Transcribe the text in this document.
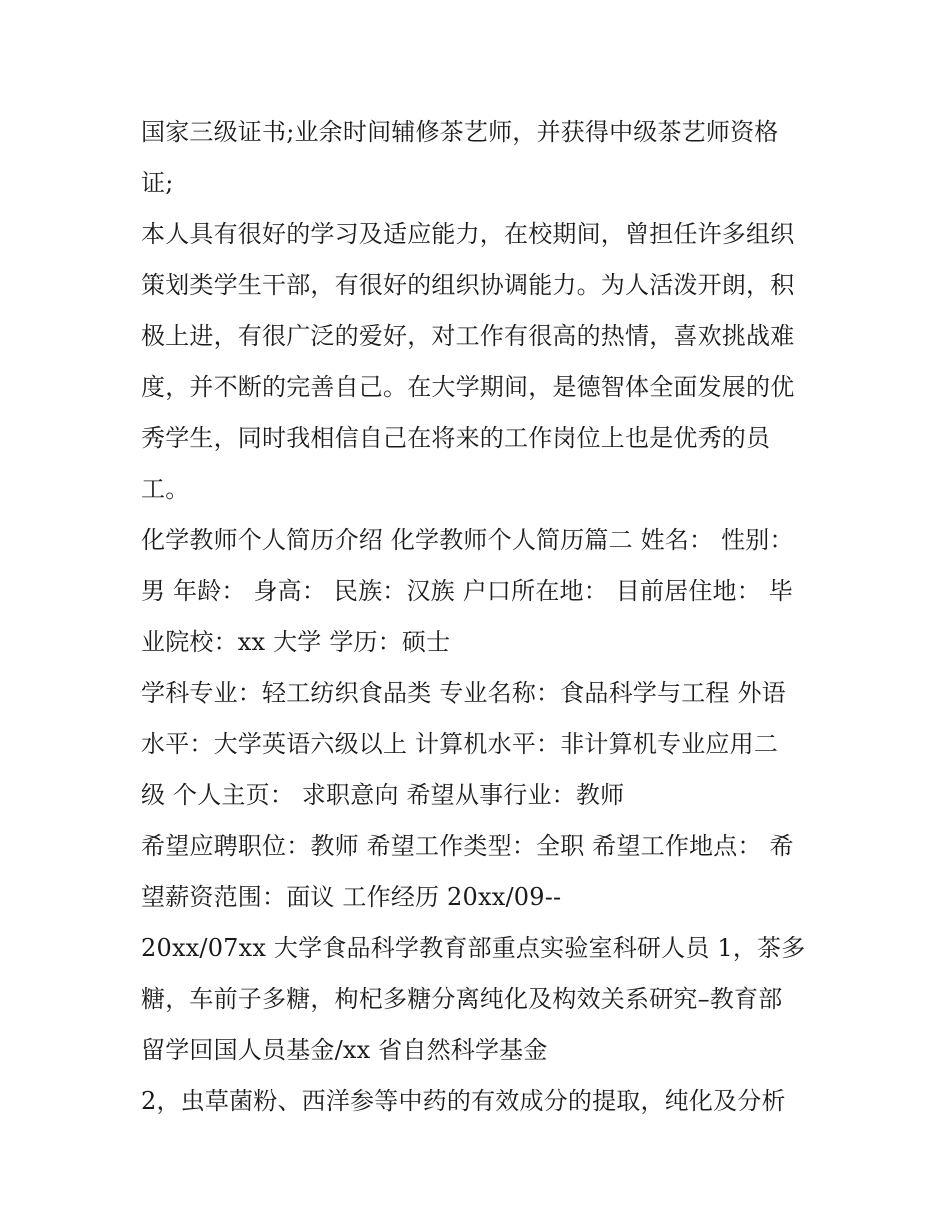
国家三级证书;业余时间辅修茶艺师，并获得中级茶艺师资格
证;
本人具有很好的学习及适应能力，在校期间，曾担任许多组织
策划类学生干部，有很好的组织协调能力。为人活泼开朗，积
极上进，有很广泛的爱好，对工作有很高的热情，喜欢挑战难
度，并不断的完善自己。在大学期间，是德智体全面发展的优
秀学生，同时我相信自己在将来的工作岗位上也是优秀的员
工。
化学教师个人简历介绍 化学教师个人简历篇二 姓名： 性别：
男 年龄： 身高： 民族：汉族 户口所在地： 目前居住地： 毕
业院校：xx 大学 学历：硕士
学科专业：轻工纺织食品类 专业名称：食品科学与工程 外语
水平：大学英语六级以上 计算机水平：非计算机专业应用二
级 个人主页： 求职意向 希望从事行业：教师
希望应聘职位：教师 希望工作类型：全职 希望工作地点： 希
望薪资范围：面议 工作经历 20xx/09--
20xx/07xx 大学食品科学教育部重点实验室科研人员 1，茶多
糖，车前子多糖，枸杞多糖分离纯化及构效关系研究–教育部
留学回国人员基金/xx 省自然科学基金
2，虫草菌粉、西洋参等中药的有效成分的提取，纯化及分析
